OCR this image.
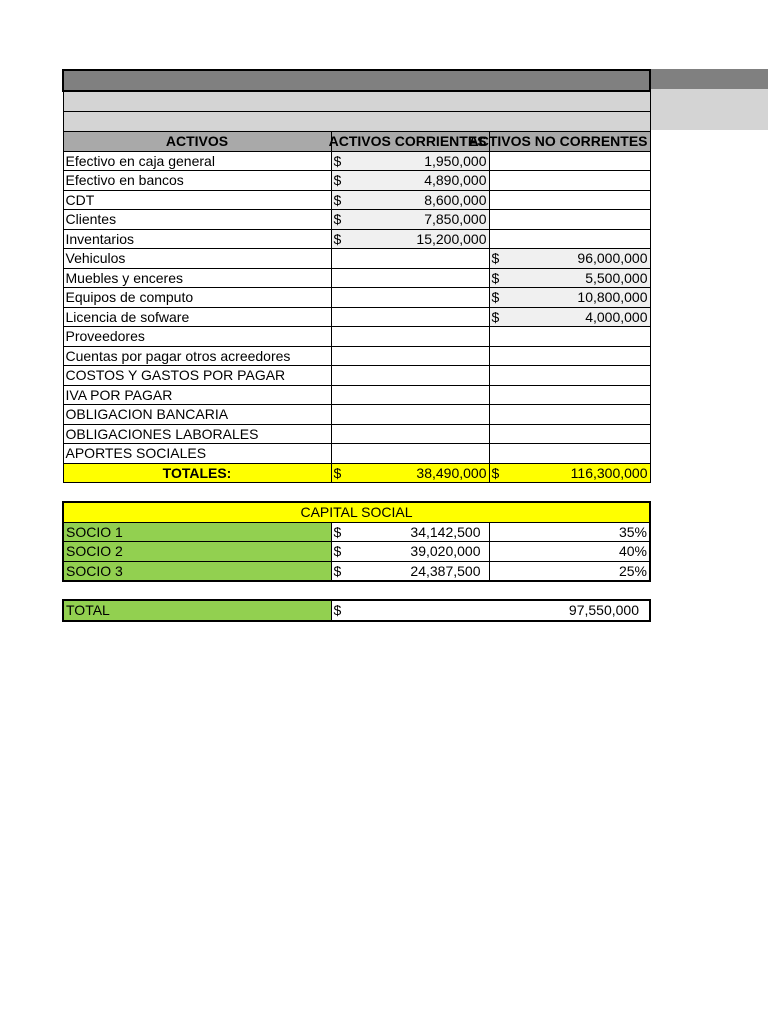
ACTIVOS	ACTIVOS CORRIENTES	ACTIVOS NO CORRENTES
Efectivo en caja general	$ 1,950,000	

Efectivo en bancos	$ 4,890,000	

CDT	$ 8,600,000	

Clientes	$ 7,850,000	

Inventarios	$ 15,200,000	

Vehiculos		$ 96,000,000

Muebles y enceres		$ 5,500,000

Equipos de computo		$ 10,800,000

Licencia de sofware		$ 4,000,000

Proveedores		
Cuentas por pagar otros acreedores		
COSTOS Y GASTOS POR PAGAR		
IVA POR PAGAR		
OBLIGACION BANCARIA		
OBLIGACIONES LABORALES		
APORTES SOCIALES		
TOTALES:	$ 38,490,000	$ 116,300,000
CAPITAL SOCIAL		
SOCIO 1	$ 34,142,500	35%
SOCIO 2	$ 39,020,000	40%
SOCIO 3	$ 24,387,500	25%
TOTAL	$	97,550,000
